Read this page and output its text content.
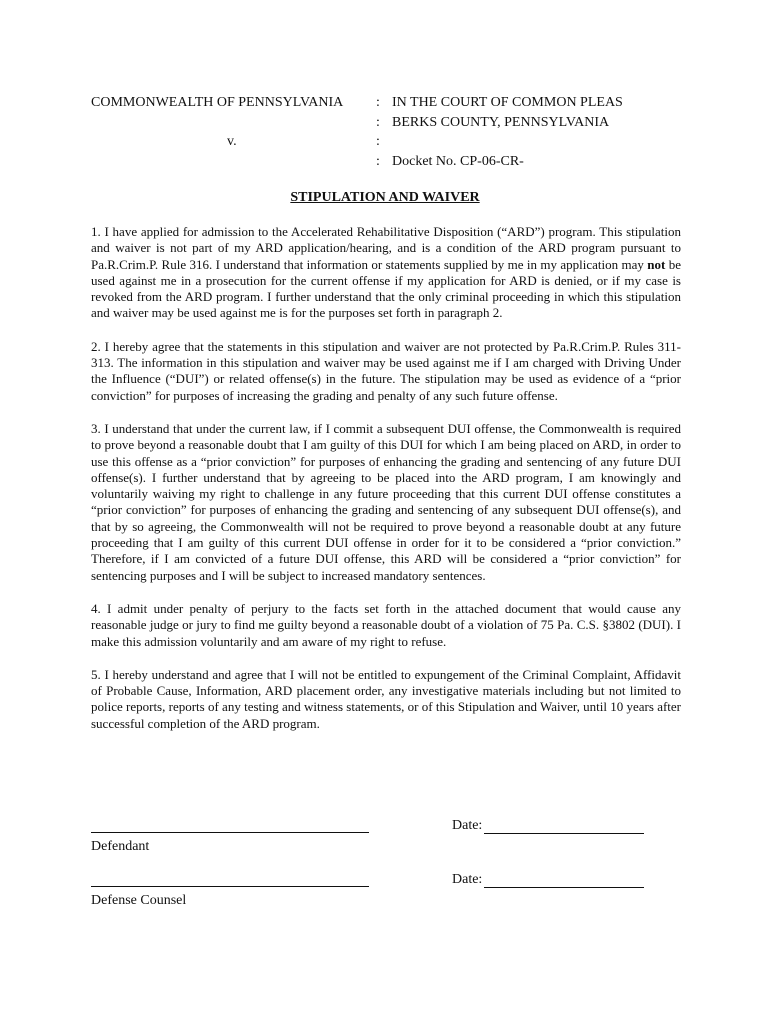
COMMONWEALTH OF PENNSYLVANIA	: IN THE COURT OF COMMON PLEAS
: BERKS COUNTY, PENNSYLVANIA
v.	:
: Docket No. CP-06-CR-
STIPULATION AND WAIVER

1. I have applied for admission to the Accelerated Rehabilitative Disposition (“ARD”) program. This stipulation and waiver is not part of my ARD application/hearing, and is a condition of the ARD program pursuant to Pa.R.Crim.P. Rule 316. I understand that information or statements supplied by me in my application may not be used against me in a prosecution for the current offense if my application for ARD is denied, or if my case is revoked from the ARD program. I further understand that the only criminal proceeding in which this stipulation and waiver may be used against me is for the purposes set forth in paragraph 2.

2. I hereby agree that the statements in this stipulation and waiver are not protected by Pa.R.Crim.P. Rules 311-313. The information in this stipulation and waiver may be used against me if I am charged with Driving Under the Influence (“DUI”) or related offense(s) in the future. The stipulation may be used as evidence of a “prior conviction” for purposes of increasing the grading and penalty of any such future offense.

3. I understand that under the current law, if I commit a subsequent DUI offense, the Commonwealth is required to prove beyond a reasonable doubt that I am guilty of this DUI for which I am being placed on ARD, in order to use this offense as a “prior conviction” for purposes of enhancing the grading and sentencing of any future DUI offense(s). I further understand that by agreeing to be placed into the ARD program, I am knowingly and voluntarily waiving my right to challenge in any future proceeding that this current DUI offense constitutes a “prior conviction” for purposes of enhancing the grading and sentencing of any subsequent DUI offense(s), and that by so agreeing, the Commonwealth will not be required to prove beyond a reasonable doubt at any future proceeding that I am guilty of this current DUI offense in order for it to be considered a “prior conviction.” Therefore, if I am convicted of a future DUI offense, this ARD will be considered a “prior conviction” for sentencing purposes and I will be subject to increased mandatory sentences.

4. I admit under penalty of perjury to the facts set forth in the attached document that would cause any reasonable judge or jury to find me guilty beyond a reasonable doubt of a violation of 75 Pa. C.S. §3802 (DUI). I make this admission voluntarily and am aware of my right to refuse.

5. I hereby understand and agree that I will not be entitled to expungement of the Criminal Complaint, Affidavit of Probable Cause, Information, ARD placement order, any investigative materials including but not limited to police reports, reports of any testing and witness statements, or of this Stipulation and Waiver, until 10 years after successful completion of the ARD program.

Defendant
Date:
Defense Counsel
Date:
